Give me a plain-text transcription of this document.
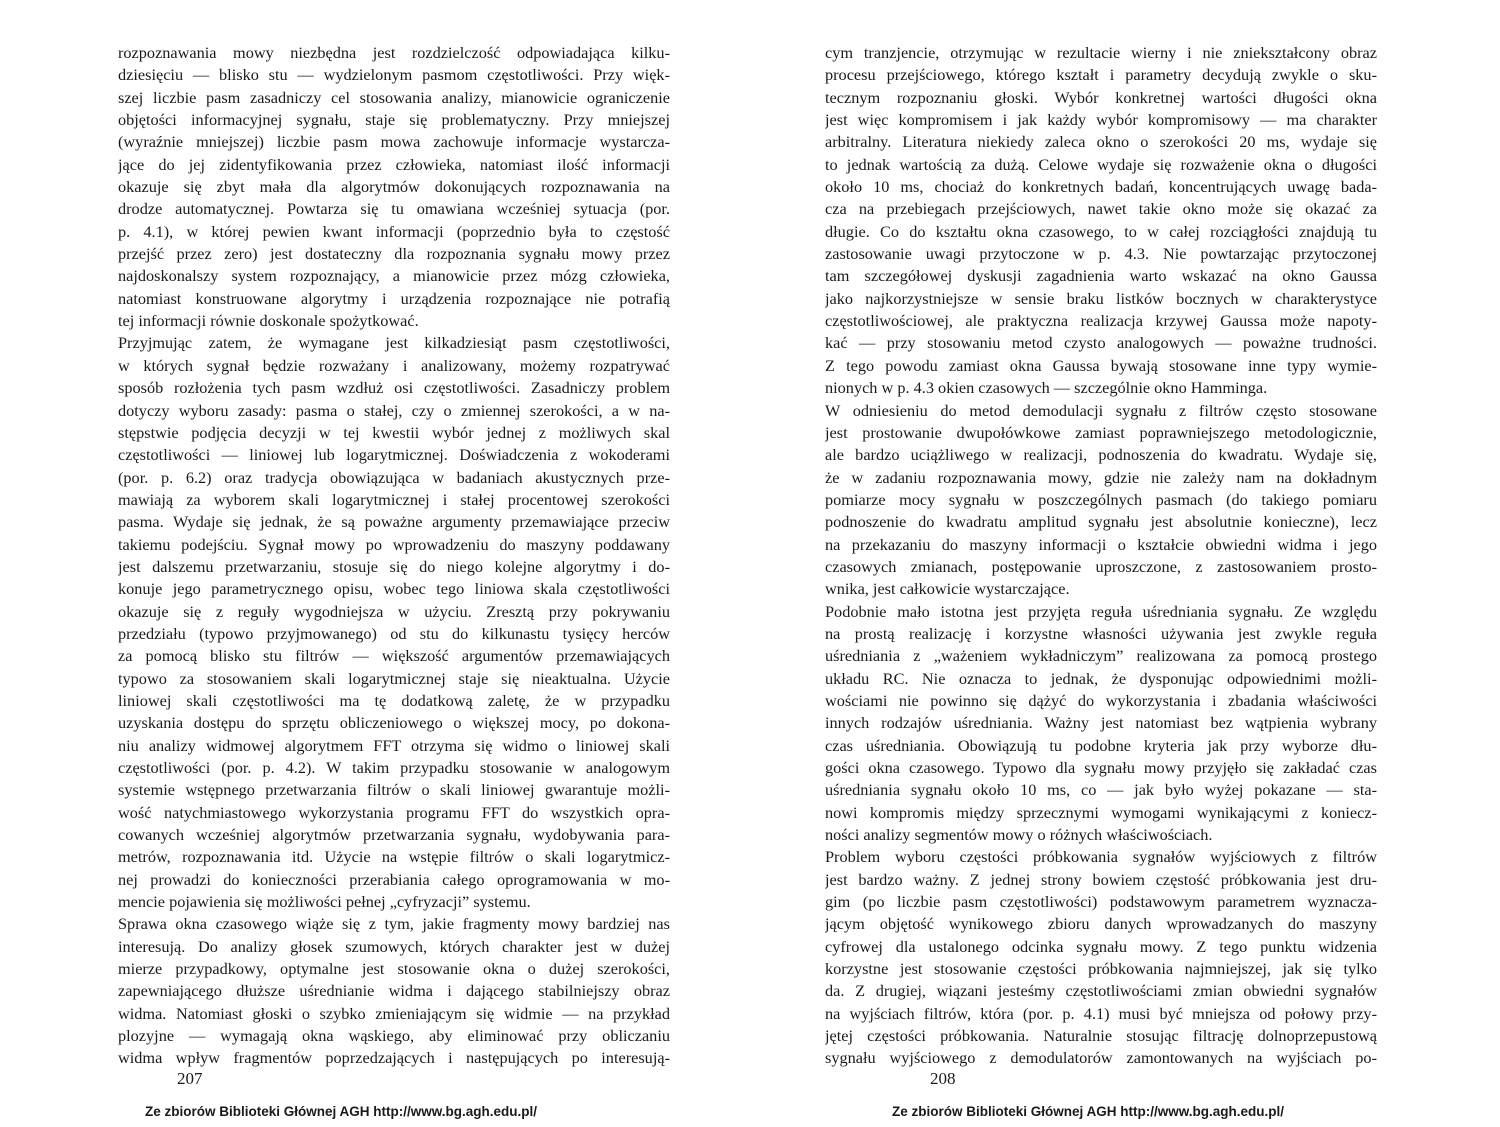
rozpoznawania mowy niezbędna jest rozdzielczość odpowiadająca kilku-
dziesięciu — blisko stu — wydzielonym pasmom częstotliwości. Przy więk-
szej liczbie pasm zasadniczy cel stosowania analizy, mianowicie ograniczenie
objętości informacyjnej sygnału, staje się problematyczny. Przy mniejszej
(wyraźnie mniejszej) liczbie pasm mowa zachowuje informacje wystarcza-
jące do jej zidentyfikowania przez człowieka, natomiast ilość informacji
okazuje się zbyt mała dla algorytmów dokonujących rozpoznawania na
drodze automatycznej. Powtarza się tu omawiana wcześniej sytuacja (por.
p. 4.1), w której pewien kwant informacji (poprzednio była to częstość
przejść przez zero) jest dostateczny dla rozpoznania sygnału mowy przez
najdoskonalszy system rozpoznający, a mianowicie przez mózg człowieka,
natomiast konstruowane algorytmy i urządzenia rozpoznające nie potrafią
tej informacji równie doskonale spożytkować.
Przyjmując zatem, że wymagane jest kilkadziesiąt pasm częstotliwości,
w których sygnał będzie rozważany i analizowany, możemy rozpatrywać
sposób rozłożenia tych pasm wzdłuż osi częstotliwości. Zasadniczy problem
dotyczy wyboru zasady: pasma o stałej, czy o zmiennej szerokości, a w na-
stępstwie podjęcia decyzji w tej kwestii wybór jednej z możliwych skal
częstotliwości — liniowej lub logarytmicznej. Doświadczenia z wokoderami
(por. p. 6.2) oraz tradycja obowiązująca w badaniach akustycznych prze-
mawiają za wyborem skali logarytmicznej i stałej procentowej szerokości
pasma. Wydaje się jednak, że są poważne argumenty przemawiające przeciw
takiemu podejściu. Sygnał mowy po wprowadzeniu do maszyny poddawany
jest dalszemu przetwarzaniu, stosuje się do niego kolejne algorytmy i do-
konuje jego parametrycznego opisu, wobec tego liniowa skala częstotliwości
okazuje się z reguły wygodniejsza w użyciu. Zresztą przy pokrywaniu
przedziału (typowo przyjmowanego) od stu do kilkunastu tysięcy herców
za pomocą blisko stu filtrów — większość argumentów przemawiających
typowo za stosowaniem skali logarytmicznej staje się nieaktualna. Użycie
liniowej skali częstotliwości ma tę dodatkową zaletę, że w przypadku
uzyskania dostępu do sprzętu obliczeniowego o większej mocy, po dokona-
niu analizy widmowej algorytmem FFT otrzyma się widmo o liniowej skali
częstotliwości (por. p. 4.2). W takim przypadku stosowanie w analogowym
systemie wstępnego przetwarzania filtrów o skali liniowej gwarantuje możli-
wość natychmiastowego wykorzystania programu FFT do wszystkich opra-
cowanych wcześniej algorytmów przetwarzania sygnału, wydobywania para-
metrów, rozpoznawania itd. Użycie na wstępie filtrów o skali logarytmicz-
nej prowadzi do konieczności przerabiania całego oprogramowania w mo-
mencie pojawienia się możliwości pełnej „cyfryzacji” systemu.
Sprawa okna czasowego wiąże się z tym, jakie fragmenty mowy bardziej nas
interesują. Do analizy głosek szumowych, których charakter jest w dużej
mierze przypadkowy, optymalne jest stosowanie okna o dużej szerokości,
zapewniającego dłuższe uśrednianie widma i dającego stabilniejszy obraz
widma. Natomiast głoski o szybko zmieniającym się widmie — na przykład
plozyjne — wymagają okna wąskiego, aby eliminować przy obliczaniu
widma wpływ fragmentów poprzedzających i następujących po interesują-
207
Ze zbiorów Biblioteki Głównej AGH http://www.bg.agh.edu.pl/
cym tranzjencie, otrzymując w rezultacie wierny i nie zniekształcony obraz
procesu przejściowego, którego kształt i parametry decydują zwykle o sku-
tecznym rozpoznaniu głoski. Wybór konkretnej wartości długości okna
jest więc kompromisem i jak każdy wybór kompromisowy — ma charakter
arbitralny. Literatura niekiedy zaleca okno o szerokości 20 ms, wydaje się
to jednak wartością za dużą. Celowe wydaje się rozważenie okna o długości
około 10 ms, chociaż do konkretnych badań, koncentrujących uwagę bada-
cza na przebiegach przejściowych, nawet takie okno może się okazać za
długie. Co do kształtu okna czasowego, to w całej rozciągłości znajdują tu
zastosowanie uwagi przytoczone w p. 4.3. Nie powtarzając przytoczonej
tam szczegółowej dyskusji zagadnienia warto wskazać na okno Gaussa
jako najkorzystniejsze w sensie braku listków bocznych w charakterystyce
częstotliwościowej, ale praktyczna realizacja krzywej Gaussa może napoty-
kać — przy stosowaniu metod czysto analogowych — poważne trudności.
Z tego powodu zamiast okna Gaussa bywają stosowane inne typy wymie-
nionych w p. 4.3 okien czasowych — szczególnie okno Hamminga.
W odniesieniu do metod demodulacji sygnału z filtrów często stosowane
jest prostowanie dwupołówkowe zamiast poprawniejszego metodologicznie,
ale bardzo uciążliwego w realizacji, podnoszenia do kwadratu. Wydaje się,
że w zadaniu rozpoznawania mowy, gdzie nie zależy nam na dokładnym
pomiarze mocy sygnału w poszczególnych pasmach (do takiego pomiaru
podnoszenie do kwadratu amplitud sygnału jest absolutnie konieczne), lecz
na przekazaniu do maszyny informacji o kształcie obwiedni widma i jego
czasowych zmianach, postępowanie uproszczone, z zastosowaniem prosto-
wnika, jest całkowicie wystarczające.
Podobnie mało istotna jest przyjęta reguła uśredniania sygnału. Ze względu
na prostą realizację i korzystne własności używania jest zwykle reguła
uśredniania z „ważeniem wykładniczym” realizowana za pomocą prostego
układu RC. Nie oznacza to jednak, że dysponując odpowiednimi możli-
wościami nie powinno się dążyć do wykorzystania i zbadania właściwości
innych rodzajów uśredniania. Ważny jest natomiast bez wątpienia wybrany
czas uśredniania. Obowiązują tu podobne kryteria jak przy wyborze dłu-
gości okna czasowego. Typowo dla sygnału mowy przyjęło się zakładać czas
uśredniania sygnału około 10 ms, co — jak było wyżej pokazane — sta-
nowi kompromis między sprzecznymi wymogami wynikającymi z koniecz-
ności analizy segmentów mowy o różnych właściwościach.
Problem wyboru częstości próbkowania sygnałów wyjściowych z filtrów
jest bardzo ważny. Z jednej strony bowiem częstość próbkowania jest dru-
gim (po liczbie pasm częstotliwości) podstawowym parametrem wyznacza-
jącym objętość wynikowego zbioru danych wprowadzanych do maszyny
cyfrowej dla ustalonego odcinka sygnału mowy. Z tego punktu widzenia
korzystne jest stosowanie częstości próbkowania najmniejszej, jak się tylko
da. Z drugiej, wiązani jesteśmy częstotliwościami zmian obwiedni sygnałów
na wyjściach filtrów, która (por. p. 4.1) musi być mniejsza od połowy przy-
jętej częstości próbkowania. Naturalnie stosując filtrację dolnoprzepustową
sygnału wyjściowego z demodulatorów zamontowanych na wyjściach po-
208
Ze zbiorów Biblioteki Głównej AGH http://www.bg.agh.edu.pl/
